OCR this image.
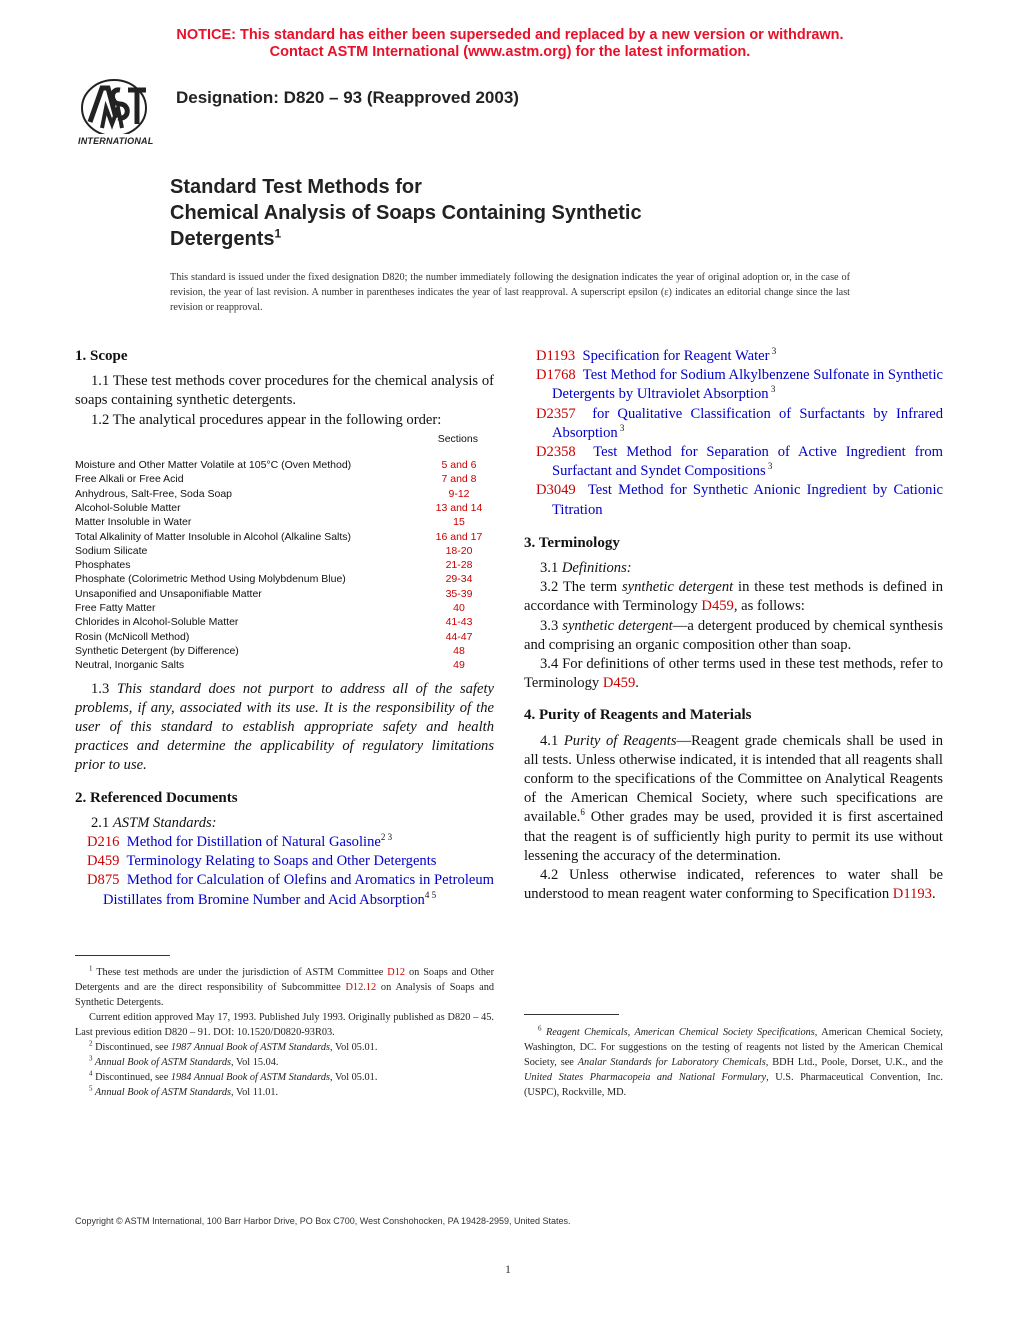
NOTICE: This standard has either been superseded and replaced by a new version or withdrawn.
Contact ASTM International (www.astm.org) for the latest information.
INTERNATIONAL
Designation: D820 – 93 (Reapproved 2003)
Standard Test Methods for
Chemical Analysis of Soaps Containing Synthetic
Detergents$^1$
This standard is issued under the fixed designation D820; the number immediately following the designation indicates the year of original adoption or, in the case of revision, the year of last revision. A number in parentheses indicates the year of last reapproval. A superscript epsilon (ε) indicates an editorial change since the last revision or reapproval.
1. Scope

1.1 These test methods cover procedures for the chemical analysis of soaps containing synthetic detergents.

1.2 The analytical procedures appear in the following order:

Sections
Moisture and Other Matter Volatile at 105°C (Oven Method)	5 and 6
Free Alkali or Free Acid	7 and 8
Anhydrous, Salt-Free, Soda Soap	9-12
Alcohol-Soluble Matter	13 and 14
Matter Insoluble in Water	15
Total Alkalinity of Matter Insoluble in Alcohol (Alkaline Salts)	16 and 17
Sodium Silicate	18-20
Phosphates	21-28
Phosphate (Colorimetric Method Using Molybdenum Blue)	29-34
Unsaponified and Unsaponifiable Matter	35-39
Free Fatty Matter	40
Chlorides in Alcohol-Soluble Matter	41-43
Rosin (McNicoll Method)	44-47
Synthetic Detergent (by Difference)	48
Neutral, Inorganic Salts	49

1.3 This standard does not purport to address all of the safety problems, if any, associated with its use. It is the responsibility of the user of this standard to establish appropriate safety and health practices and determine the applicability of regulatory limitations prior to use.

2. Referenced Documents

2.1 ASTM Standards:

D216 Method for Distillation of Natural Gasoline$^{2 3}$

D459 Terminology Relating to Soaps and Other Detergents

D875 Method for Calculation of Olefins and Aromatics in Petroleum Distillates from Bromine Number and Acid Absorption$^{4 5}$

$^1$ These test methods are under the jurisdiction of ASTM Committee D12 on Soaps and Other Detergents and are the direct responsibility of Subcommittee D12.12 on Analysis of Soaps and Synthetic Detergents.
Current edition approved May 17, 1993. Published July 1993. Originally published as D820 – 45. Last previous edition D820 – 91. DOI: 10.1520/D0820-93R03.
$^2$ Discontinued, see 1987 Annual Book of ASTM Standards, Vol 05.01.
$^3$ Annual Book of ASTM Standards, Vol 15.04.
$^4$ Discontinued, see 1984 Annual Book of ASTM Standards, Vol 05.01.
$^5$ Annual Book of ASTM Standards, Vol 11.01.

D1193 Specification for Reagent Water $^3$

D1768 Test Method for Sodium Alkylbenzene Sulfonate in Synthetic Detergents by Ultraviolet Absorption $^3$

D2357 for Qualitative Classification of Surfactants by Infrared Absorption $^3$

D2358 Test Method for Separation of Active Ingredient from Surfactant and Syndet Compositions $^3$

D3049 Test Method for Synthetic Anionic Ingredient by Cationic Titration

3. Terminology

3.1 Definitions:

3.2 The term synthetic detergent in these test methods is defined in accordance with Terminology D459, as follows:

3.3 synthetic detergent—a detergent produced by chemical synthesis and comprising an organic composition other than soap.

3.4 For definitions of other terms used in these test methods, refer to Terminology D459.

4. Purity of Reagents and Materials

4.1 Purity of Reagents—Reagent grade chemicals shall be used in all tests. Unless otherwise indicated, it is intended that all reagents shall conform to the specifications of the Committee on Analytical Reagents of the American Chemical Society, where such specifications are available.$^6$ Other grades may be used, provided it is first ascertained that the reagent is of sufficiently high purity to permit its use without lessening the accuracy of the determination.

4.2 Unless otherwise indicated, references to water shall be understood to mean reagent water conforming to Specification D1193.

$^6$ Reagent Chemicals, American Chemical Society Specifications, American Chemical Society, Washington, DC. For suggestions on the testing of reagents not listed by the American Chemical Society, see Analar Standards for Laboratory Chemicals, BDH Ltd., Poole, Dorset, U.K., and the United States Pharmacopeia and National Formulary, U.S. Pharmaceutical Convention, Inc. (USPC), Rockville, MD.
Copyright © ASTM International, 100 Barr Harbor Drive, PO Box C700, West Conshohocken, PA 19428-2959, United States.
1
